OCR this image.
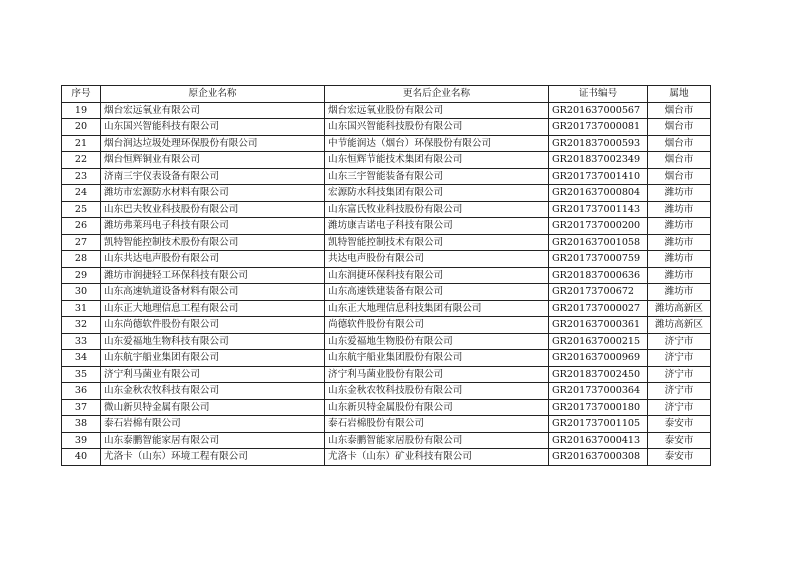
序号	原企业名称	更名后企业名称	证书编号	属地
19	烟台宏远氧业有限公司	烟台宏远氧业股份有限公司	GR201637000567	烟台市
20	山东国兴智能科技有限公司	山东国兴智能科技股份有限公司	GR201737000081	烟台市
21	烟台润达垃圾处理环保股份有限公司	中节能润达（烟台）环保股份有限公司	GR201837000593	烟台市
22	烟台恒辉铜业有限公司	山东恒辉节能技术集团有限公司	GR201837002349	烟台市
23	济南三宇仪表设备有限公司	山东三宇智能装备有限公司	GR201737001410	烟台市
24	潍坊市宏源防水材料有限公司	宏源防水科技集团有限公司	GR201637000804	潍坊市
25	山东巴夫牧业科技股份有限公司	山东富氏牧业科技股份有限公司	GR201737001143	潍坊市
26	潍坊弗莱玛电子科技有限公司	潍坊康吉诺电子科技有限公司	GR201737000200	潍坊市
27	凯特智能控制技术股份有限公司	凯特智能控制技术有限公司	GR201637001058	潍坊市
28	山东共达电声股份有限公司	共达电声股份有限公司	GR201737000759	潍坊市
29	潍坊市润捷轻工环保科技有限公司	山东润捷环保科技有限公司	GR201837000636	潍坊市
30	山东高速轨道设备材料有限公司	山东高速铁建装备有限公司	GR20173700672	潍坊市
31	山东正大地理信息工程有限公司	山东正大地理信息科技集团有限公司	GR201737000027	潍坊高新区
32	山东尚德软件股份有限公司	尚德软件股份有限公司	GR201637000361	潍坊高新区
33	山东爱福地生物科技有限公司	山东爱福地生物股份有限公司	GR201637000215	济宁市
34	山东航宇船业集团有限公司	山东航宇船业集团股份有限公司	GR201637000969	济宁市
35	济宁利马菌业有限公司	济宁利马菌业股份有限公司	GR201837002450	济宁市
36	山东金秋农牧科技有限公司	山东金秋农牧科技股份有限公司	GR201737000364	济宁市
37	微山新贝特金属有限公司	山东新贝特金属股份有限公司	GR201737000180	济宁市
38	泰石岩棉有限公司	泰石岩棉股份有限公司	GR201737001105	泰安市
39	山东泰鹏智能家居有限公司	山东泰鹏智能家居股份有限公司	GR201637000413	泰安市
40	尤洛卡（山东）环境工程有限公司	尤洛卡（山东）矿业科技有限公司	GR201637000308	泰安市
